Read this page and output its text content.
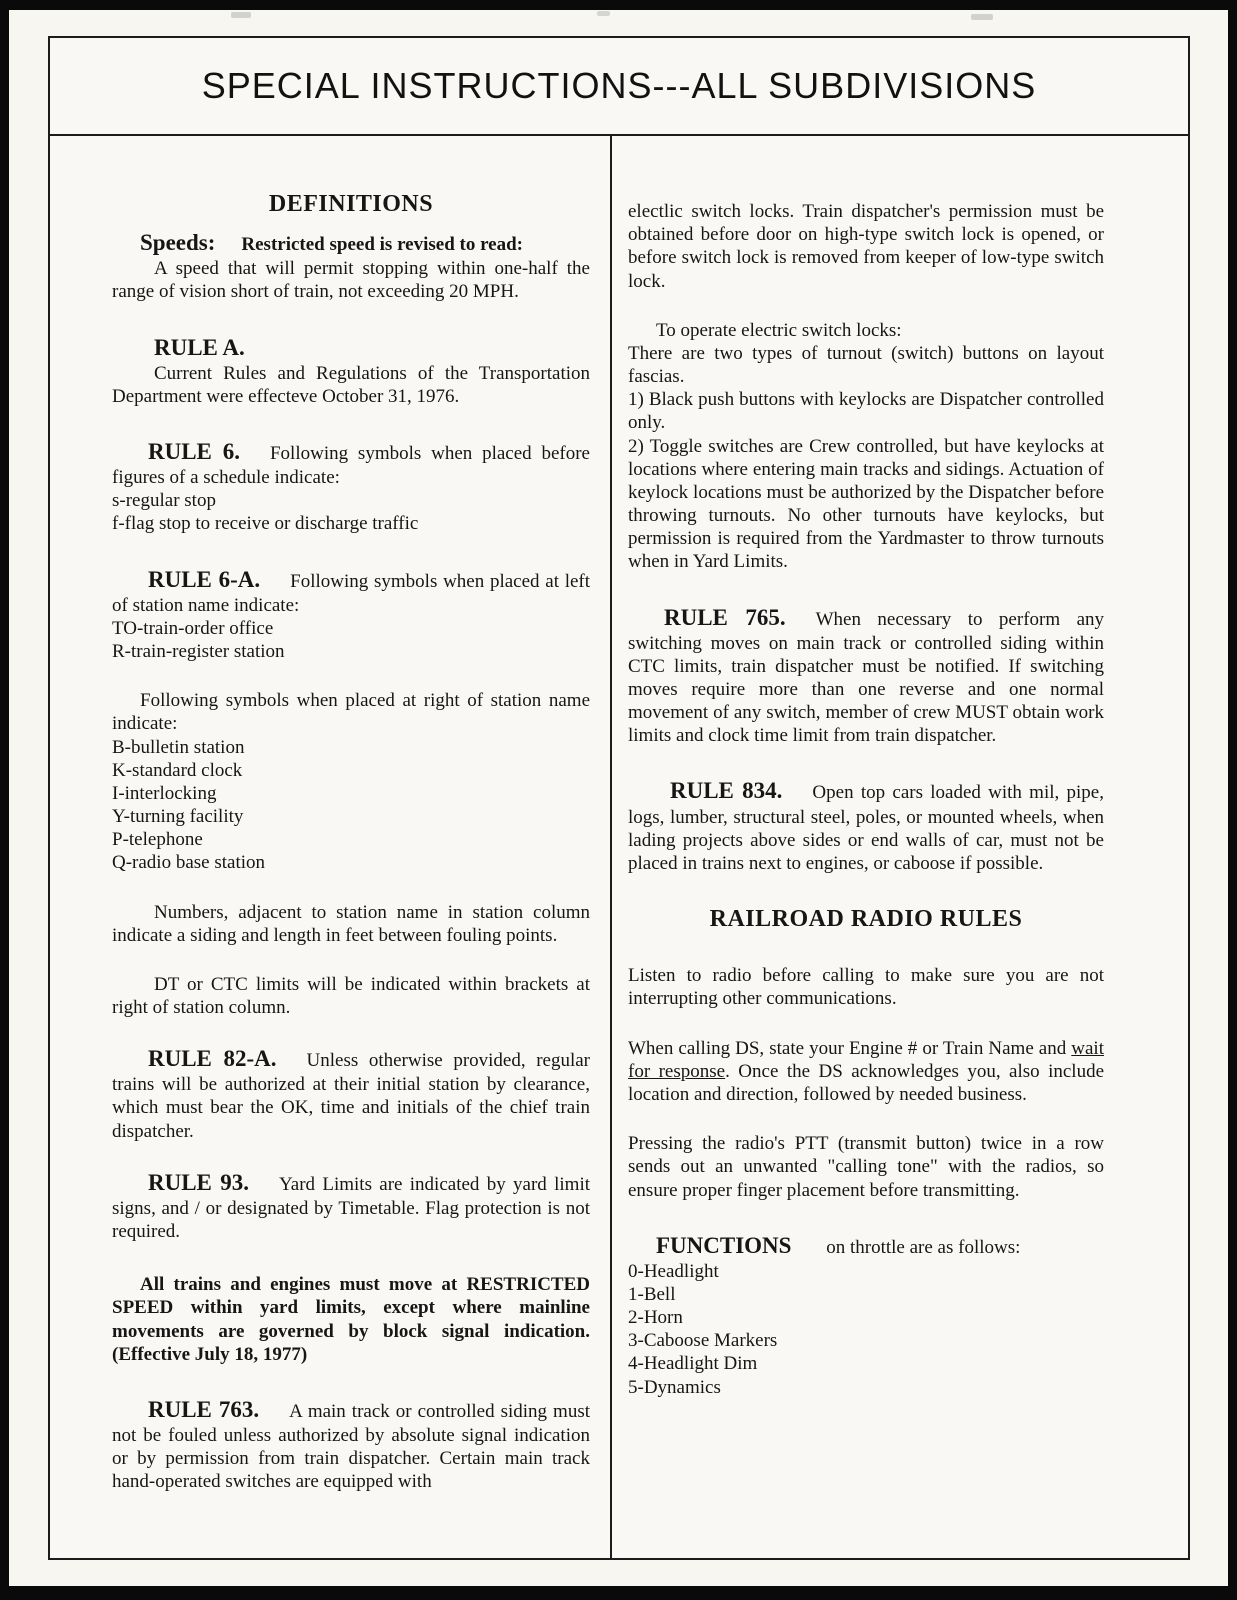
SPECIAL INSTRUCTIONS---ALL SUBDIVISIONS
DEFINITIONS
Speeds: Restricted speed is revised to read:
A speed that will permit stopping within one-half the range of vision short of train, not exceeding 20 MPH.
RULE A.
Current Rules and Regulations of the Transportation Department were effecteve October 31, 1976.
RULE 6. Following symbols when placed before figures of a schedule indicate:
s-regular stop
f-flag stop to receive or discharge traffic
RULE 6-A. Following symbols when placed at left of station name indicate:
TO-train-order office
R-train-register station
Following symbols when placed at right of station name indicate:
B-bulletin station
K-standard clock
I-interlocking
Y-turning facility
P-telephone
Q-radio base station
Numbers, adjacent to station name in station column indicate a siding and length in feet between fouling points.
DT or CTC limits will be indicated within brackets at right of station column.
RULE 82-A. Unless otherwise provided, regular trains will be authorized at their initial station by clearance, which must bear the OK, time and initials of the chief train dispatcher.
RULE 93. Yard Limits are indicated by yard limit signs, and / or designated by Timetable. Flag protection is not required.
All trains and engines must move at RESTRICTED SPEED within yard limits, except where mainline movements are governed by block signal indication. (Effective July 18, 1977)
RULE 763. A main track or controlled siding must not be fouled unless authorized by absolute signal indication or by permission from train dispatcher. Certain main track hand-operated switches are equipped with
electlic switch locks. Train dispatcher's permission must be obtained before door on high-type switch lock is opened, or before switch lock is removed from keeper of low-type switch lock.
To operate electric switch locks:
There are two types of turnout (switch) buttons on layout fascias.
1) Black push buttons with keylocks are Dispatcher controlled only.
2) Toggle switches are Crew controlled, but have keylocks at locations where entering main tracks and sidings. Actuation of keylock locations must be authorized by the Dispatcher before throwing turnouts. No other turnouts have keylocks, but permission is required from the Yardmaster to throw turnouts when in Yard Limits.
RULE 765. When necessary to perform any switching moves on main track or controlled siding within CTC limits, train dispatcher must be notified. If switching moves require more than one reverse and one normal movement of any switch, member of crew MUST obtain work limits and clock time limit from train dispatcher.
RULE 834. Open top cars loaded with mil, pipe, logs, lumber, structural steel, poles, or mounted wheels, when lading projects above sides or end walls of car, must not be placed in trains next to engines, or caboose if possible.
RAILROAD RADIO RULES
Listen to radio before calling to make sure you are not interrupting other communications.
When calling DS, state your Engine # or Train Name and wait for response. Once the DS acknowledges you, also include location and direction, followed by needed business.
Pressing the radio's PTT (transmit button) twice in a row sends out an unwanted "calling tone" with the radios, so ensure proper finger placement before transmitting.
FUNCTIONS on throttle are as follows:
0-Headlight
1-Bell
2-Horn
3-Caboose Markers
4-Headlight Dim
5-Dynamics
